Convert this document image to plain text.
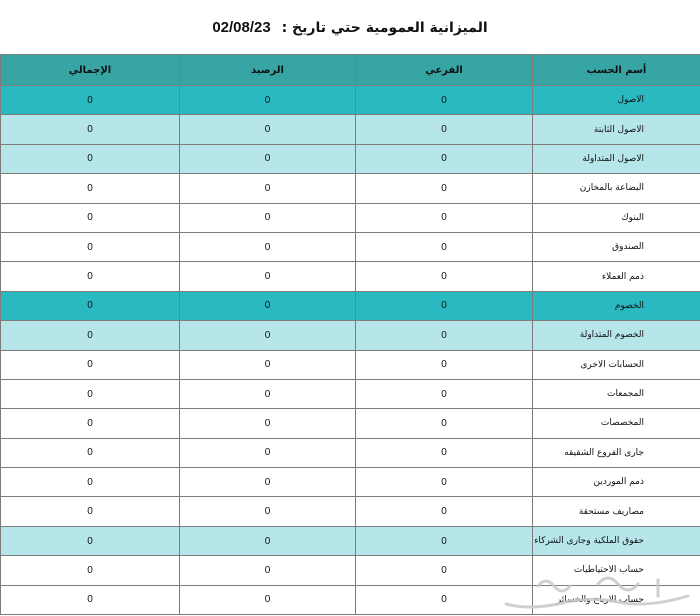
الميزانية العمومية حتي تاريخ : 02/08/23
أسم الحسب	الفرعي	الرصيد	الإجمالي
الاصول	0	0	0
الاصول الثابتة	0	0	0
الاصول المتداولة	0	0	0
البضاعة بالمخازن	0	0	0
البنوك	0	0	0
الصندوق	0	0	0
ذمم العملاء	0	0	0
الخصوم	0	0	0
الخصوم المتداولة	0	0	0
الحسابات الاخرى	0	0	0
المجمعات	0	0	0
المخصصات	0	0	0
جارى الفروع الشقيقه	0	0	0
ذمم الموردين	0	0	0
مصاريف مستحقة	0	0	0
حقوق الملكية وجارى الشركاء	0	0	0
حساب الاحتياطيات	0	0	0
حساب الارباح والخسائر	0	0	0
